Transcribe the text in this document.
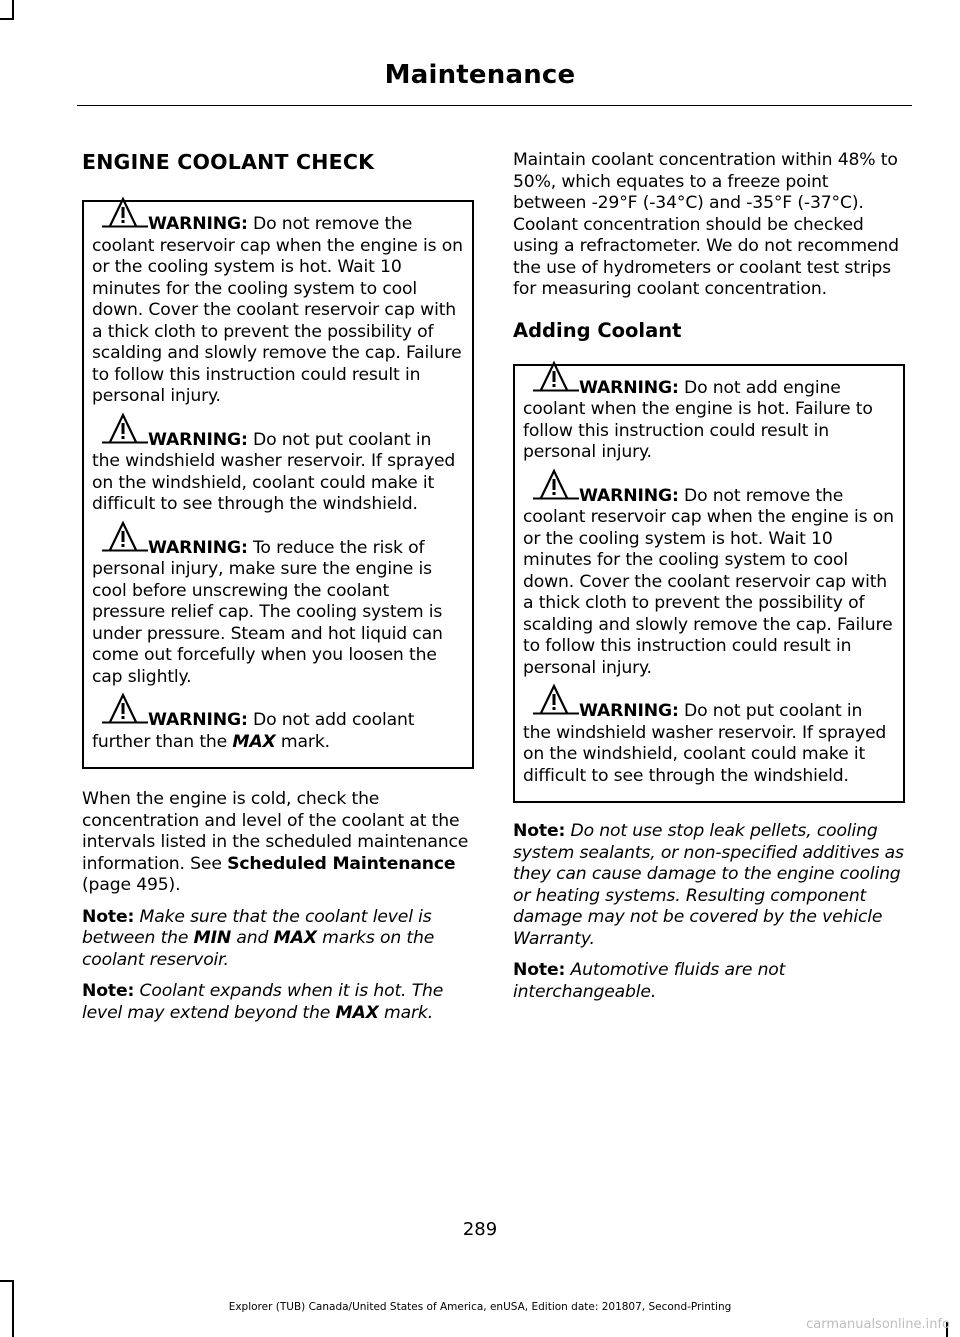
Maintenance
ENGINE COOLANT CHECK

WARNING: Do not remove the coolant reservoir cap when the engine is on or the cooling system is hot. Wait 10 minutes for the cooling system to cool down. Cover the coolant reservoir cap with a thick cloth to prevent the possibility of scalding and slowly remove the cap. Failure to follow this instruction could result in personal injury.

WARNING: Do not put coolant in the windshield washer reservoir. If sprayed on the windshield, coolant could make it difficult to see through the windshield.

WARNING: To reduce the risk of personal injury, make sure the engine is cool before unscrewing the coolant pressure relief cap. The cooling system is under pressure. Steam and hot liquid can come out forcefully when you loosen the cap slightly.

WARNING: Do not add coolant further than the MAX mark.

When the engine is cold, check the concentration and level of the coolant at the intervals listed in the scheduled maintenance information. See Scheduled Maintenance (page 495).

Note: Make sure that the coolant level is between the MIN and MAX marks on the coolant reservoir.

Note: Coolant expands when it is hot. The level may extend beyond the MAX mark.

Maintain coolant concentration within 48% to 50%, which equates to a freeze point between -29°F (-34°C) and -35°F (-37°C). Coolant concentration should be checked using a refractometer. We do not recommend the use of hydrometers or coolant test strips for measuring coolant concentration.

Adding Coolant

WARNING: Do not add engine coolant when the engine is hot. Failure to follow this instruction could result in personal injury.

WARNING: Do not remove the coolant reservoir cap when the engine is on or the cooling system is hot. Wait 10 minutes for the cooling system to cool down. Cover the coolant reservoir cap with a thick cloth to prevent the possibility of scalding and slowly remove the cap. Failure to follow this instruction could result in personal injury.

WARNING: Do not put coolant in the windshield washer reservoir. If sprayed on the windshield, coolant could make it difficult to see through the windshield.

Note: Do not use stop leak pellets, cooling system sealants, or non-specified additives as they can cause damage to the engine cooling or heating systems. Resulting component damage may not be covered by the vehicle Warranty.

Note: Automotive fluids are not interchangeable.

289
Explorer (TUB) Canada/United States of America, enUSA, Edition date: 201807, Second-Printing
carmanualsonline.info
